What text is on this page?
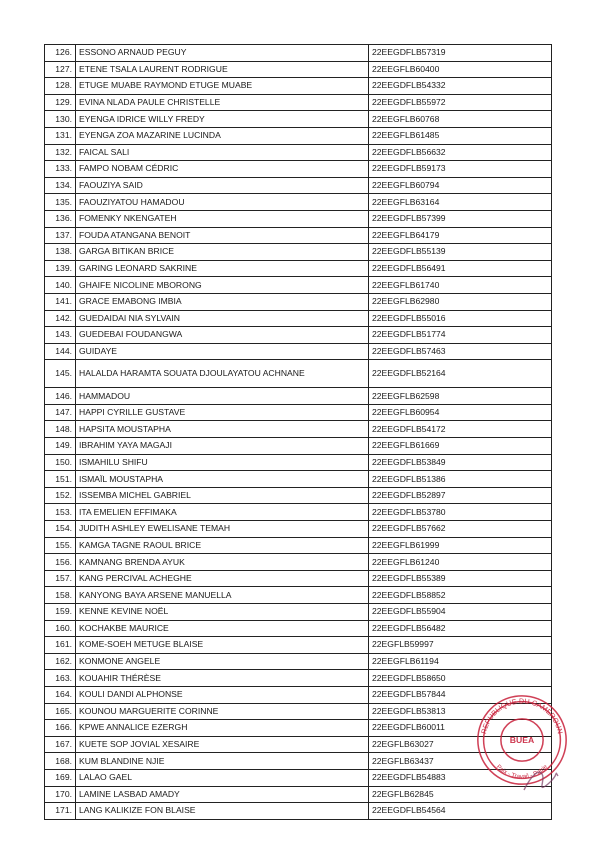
126.	ESSONO ARNAUD PEGUY	22EEGDFLB57319
127.	ETENE TSALA LAURENT RODRIGUE	22EEGFLB60400
128.	ETUGE MUABE RAYMOND ETUGE MUABE	22EEGDFLB54332
129.	EVINA NLADA PAULE CHRISTELLE	22EEGDFLB55972
130.	EYENGA IDRICE WILLY FREDY	22EEGFLB60768
131.	EYENGA ZOA MAZARINE LUCINDA	22EEGFLB61485
132.	FAICAL SALI	22EEGDFLB56632
133.	FAMPO NOBAM CÉDRIC	22EEGDFLB59173
134.	FAOUZIYA SAID	22EEGFLB60794
135.	FAOUZIYATOU HAMADOU	22EEGFLB63164
136.	FOMENKY NKENGATEH	22EEGDFLB57399
137.	FOUDA ATANGANA BENOIT	22EEGFLB64179
138.	GARGA BITIKAN BRICE	22EEGDFLB55139
139.	GARING LEONARD SAKRINE	22EEGDFLB56491
140.	GHAIFE NICOLINE MBORONG	22EEGFLB61740
141.	GRACE EMABONG IMBIA	22EEGFLB62980
142.	GUEDAIDAI NIA SYLVAIN	22EEGDFLB55016
143.	GUEDEBAI FOUDANGWA	22EEGDFLB51774
144.	GUIDAYE	22EEGDFLB57463
145.	HALALDA HARAMTA SOUATA DJOULAYATOU ACHNANE	22EEGDFLB52164
146.	HAMMADOU	22EEGFLB62598
147.	HAPPI CYRILLE GUSTAVE	22EEGFLB60954
148.	HAPSITA MOUSTAPHA	22EEGDFLB54172
149.	IBRAHIM YAYA MAGAJI	22EEGFLB61669
150.	ISMAHILU SHIFU	22EEGDFLB53849
151.	ISMAÏL MOUSTAPHA	22EEGDFLB51386
152.	ISSEMBA MICHEL GABRIEL	22EEGDFLB52897
153.	ITA EMELIEN EFFIMAKA	22EEGDFLB53780
154.	JUDITH ASHLEY EWELISANE TEMAH	22EEGDFLB57662
155.	KAMGA TAGNE RAOUL BRICE	22EEGFLB61999
156.	KAMNANG BRENDA AYUK	22EEGFLB61240
157.	KANG PERCIVAL ACHEGHE	22EEGDFLB55389
158.	KANYONG BAYA ARSENE MANUELLA	22EEGDFLB58852
159.	KENNE KEVINE NOËL	22EEGDFLB55904
160.	KOCHAKBE MAURICE	22EEGDFLB56482
161.	KOME-SOEH METUGE BLAISE	22EGFLB59997
162.	KONMONE ANGELE	22EEGFLB61194
163.	KOUAHIR THÉRÈSE	22EEGDFLB58650
164.	KOULI DANDI ALPHONSE	22EEGDFLB57844
165.	KOUNOU MARGUERITE CORINNE	22EEGDFLB53813
166.	KPWE ANNALICE EZERGH	22EEGDFLB60011
167.	KUETE SOP JOVIAL XESAIRE	22EGFLB63027
168.	KUM BLANDINE NJIE	22EGFLB63437
169.	LALAO GAEL	22EEGDFLB54883
170.	LAMINE LASBAD AMADY	22EGFLB62845
171.	LANG KALIKIZE FON BLAISE	22EEGDFLB54564
REPUBLIQUE DU CAMEROUN
Paix - Travail - Patrie
BUEA
